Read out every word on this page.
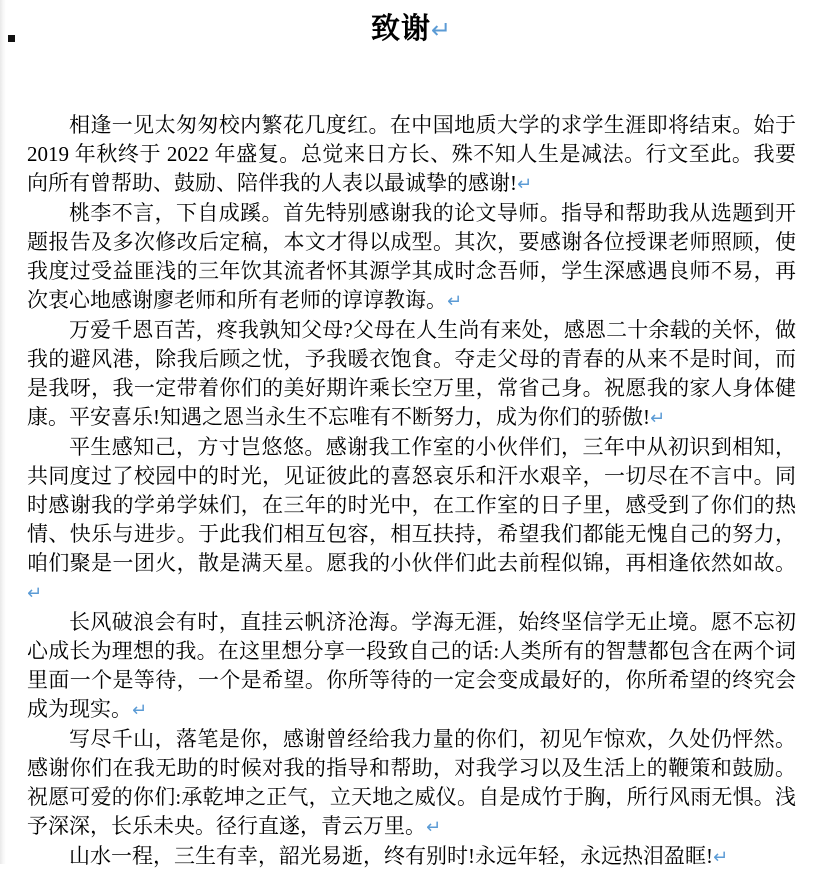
致谢↵

相逢一见太匆匆校内繁花几度红。在中国地质大学的求学生涯即将结束。始于 2019 年秋终于 2022 年盛复。总觉来日方长、殊不知人生是减法。行文至此。我要向所有曾帮助、鼓励、陪伴我的人表以最诚挚的感谢!↵

桃李不言，下自成蹊。首先特别感谢我的论文导师。指导和帮助我从选题到开题报告及多次修改后定稿，本文才得以成型。其次，要感谢各位授课老师照顾，使我度过受益匪浅的三年饮其流者怀其源学其成时念吾师，学生深感遇良师不易，再次衷心地感谢廖老师和所有老师的谆谆教诲。↵

万爱千恩百苦，疼我孰知父母?父母在人生尚有来处，感恩二十余载的关怀，做我的避风港，除我后顾之忧，予我暖衣饱食。夺走父母的青春的从来不是时间，而是我呀，我一定带着你们的美好期许乘长空万里，常省己身。祝愿我的家人身体健康。平安喜乐!知遇之恩当永生不忘唯有不断努力，成为你们的骄傲!↵

平生感知己，方寸岂悠悠。感谢我工作室的小伙伴们，三年中从初识到相知，共同度过了校园中的时光，见证彼此的喜怒哀乐和汗水艰辛，一切尽在不言中。同时感谢我的学弟学妹们，在三年的时光中，在工作室的日子里，感受到了你们的热情、快乐与进步。于此我们相互包容，相互扶持，希望我们都能无愧自己的努力，咱们聚是一团火，散是满天星。愿我的小伙伴们此去前程似锦，再相逢依然如故。↵

长风破浪会有时，直挂云帆济沧海。学海无涯，始终坚信学无止境。愿不忘初心成长为理想的我。在这里想分享一段致自己的话:人类所有的智慧都包含在两个词里面一个是等待，一个是希望。你所等待的一定会变成最好的，你所希望的终究会成为现实。↵

写尽千山，落笔是你，感谢曾经给我力量的你们，初见乍惊欢，久处仍怦然。感谢你们在我无助的时候对我的指导和帮助，对我学习以及生活上的鞭策和鼓励。祝愿可爱的你们:承乾坤之正气，立天地之威仪。自是成竹于胸，所行风雨无惧。浅予深深，长乐未央。径行直遂，青云万里。↵

山水一程，三生有幸，韶光易逝，终有别时!永远年轻，永远热泪盈眶!↵
